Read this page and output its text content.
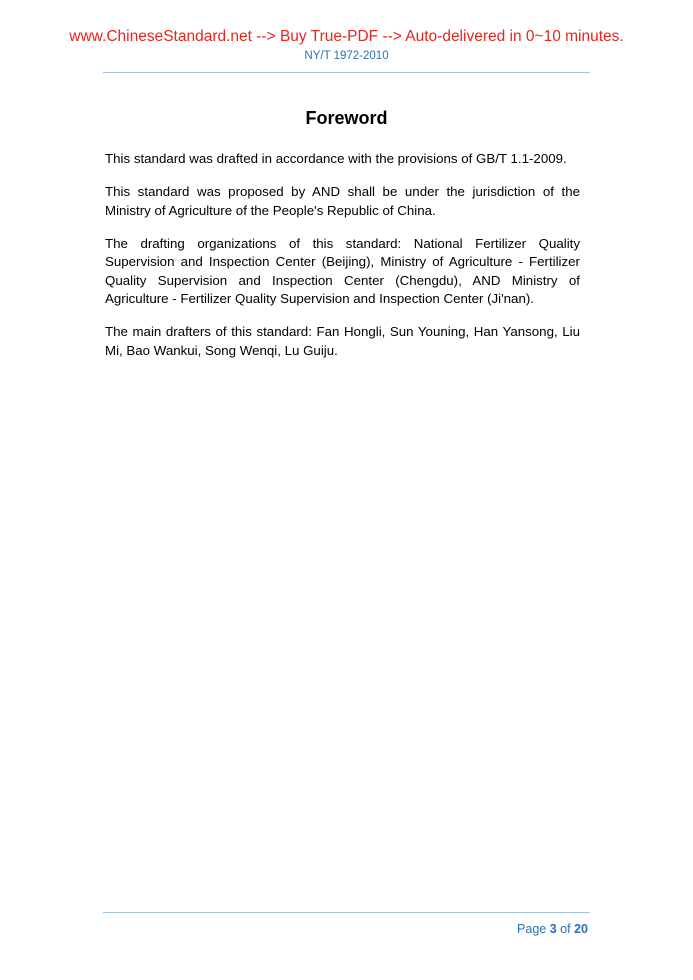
www.ChineseStandard.net --> Buy True-PDF --> Auto-delivered in 0~10 minutes.
NY/T 1972-2010
Foreword

This standard was drafted in accordance with the provisions of GB/T 1.1-2009.

This standard was proposed by AND shall be under the jurisdiction of the Ministry of Agriculture of the People's Republic of China.

The drafting organizations of this standard: National Fertilizer Quality Supervision and Inspection Center (Beijing), Ministry of Agriculture - Fertilizer Quality Supervision and Inspection Center (Chengdu), AND Ministry of Agriculture - Fertilizer Quality Supervision and Inspection Center (Ji'nan).

The main drafters of this standard: Fan Hongli, Sun Youning, Han Yansong, Liu Mi, Bao Wankui, Song Wenqi, Lu Guiju.

Page 3 of 20
